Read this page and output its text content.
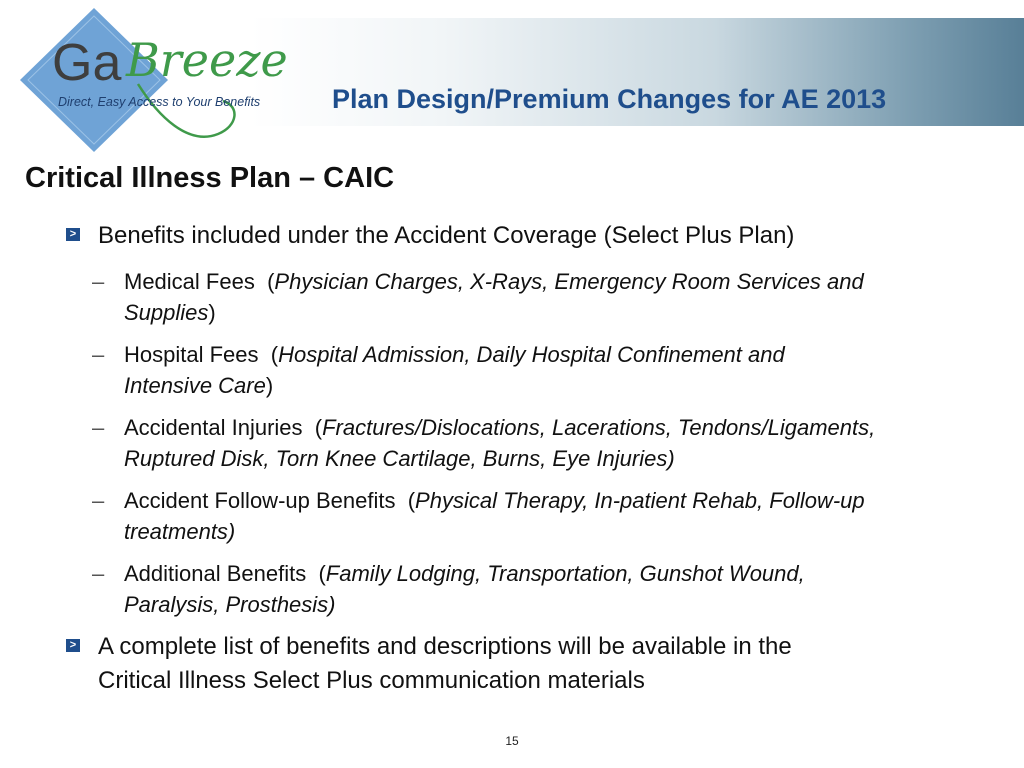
Ga Breeze
Direct, Easy Access to Your Benefits	Plan Design/Premium Changes for AE 2013
Critical Illness Plan – CAIC
> Benefits included under the Accident Coverage (Select Plus Plan)
– Medical Fees  (Physician Charges, X-Rays, Emergency Room Services and
Supplies)
– Hospital Fees  (Hospital Admission, Daily Hospital Confinement and
Intensive Care)
– Accidental Injuries  (Fractures/Dislocations, Lacerations, Tendons/Ligaments,
Ruptured Disk, Torn Knee Cartilage, Burns, Eye Injuries)
– Accident Follow-up Benefits  (Physical Therapy, In-patient Rehab, Follow-up
treatments)
– Additional Benefits  (Family Lodging, Transportation, Gunshot Wound,
Paralysis, Prosthesis)
> A complete list of benefits and descriptions will be available in the
Critical Illness Select Plus communication materials
15
